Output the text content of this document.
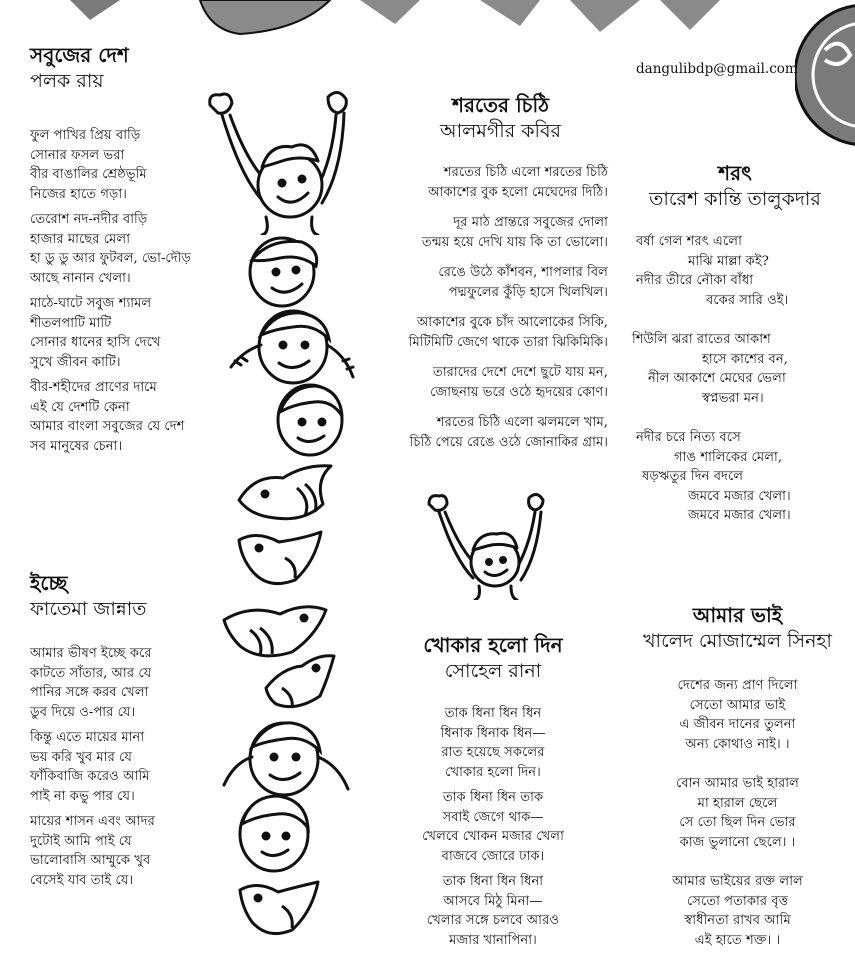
dangulibdp@gmail.com
সবুজের দেশ
পলক রায়
ফুল পাখির প্রিয় বাড়ি
সোনার ফসল ভরা
বীর বাঙালির শ্রেষ্ঠভূমি
নিজের হাতে গড়া।
তেরোশ নদ-নদীর বাড়ি
হাজার মাছের মেলা
হা ডু ডু আর ফুটবল, ভো-দৌড়
আছে নানান খেলা।
মাঠে-ঘাটে সবুজ শ্যামল
শীতলপাটি মাটি
সোনার ধানের হাসি দেখে
সুখে জীবন কাটি।
বীর-শহীদের প্রাণের দামে
এই যে দেশটি কেনা
আমার বাংলা সবুজের যে দেশ
সব মানুষের চেনা।
ইচ্ছে
ফাতেমা জান্নাত
আমার ভীষণ ইচ্ছে করে
কাটতে সাঁতার, আর যে
পানির সঙ্গে করব খেলা
ডুব দিয়ে ও-পার যে।
কিন্তু এতে মায়ের মানা
ভয় করি খুব মার যে
ফাঁকিবাজি করেও আমি
পাই না কভু পার যে।
মায়ের শাসন এবং আদর
দুটোই আমি পাই যে
ভালোবাসি আম্মুকে খুব
বেসেই যাব তাই যে।
শরতের চিঠি
আলমগীর কবির
শরতের চিঠি এলো শরতের চিঠি
আকাশের বুক হলো মেঘেদের দিঠি।
দূর মাঠ প্রান্তরে সবুজের দোলা
তন্ময় হয়ে দেখি যায় কি তা ভোলো।
রেঙে উঠে কাঁশবন, শাপলার বিল
পদ্মফুলের কুঁড়ি হাসে খিলখিল।
আকাশের বুকে চাঁদ আলোকের সিকি,
মিটিমিটি জেগে থাকে তারা ঝিকিমিকি।
তারাদের দেশে দেশে ছুটে যায় মন,
জোছনায় ভরে ওঠে হৃদয়ের কোণ।
শরতের চিঠি এলো ঝলমলে খাম,
চিঠি পেয়ে রেঙে ওঠে জোনাকির গ্রাম।
খোকার হলো দিন
সোহেল রানা
তাক ধিনা ধিন ধিন
ধিনাক ধিনাক ধিন—
রাত হয়েছে সকলের
খোকার হলো দিন।
তাক ধিনা ধিন তাক
সবাই জেগে থাক—
খেলবে খোকন মজার খেলা
বাজবে জোরে ঢাক।
তাক ধিনা ধিন ধিনা
আসবে মিঠু মিনা—
খেলার সঙ্গে চলবে আরও
মজার খানাপিনা।
শরৎ
তারেশ কান্তি তালুকদার
বর্ষা গেল শরৎ এলো
মাঝি মাল্লা কই?
নদীর তীরে নৌকা বাঁধা
বকের সারি ওই।
শিউলি ঝরা রাতের আকাশ
হাসে কাশের বন,
নীল আকাশে মেঘের ভেলা
স্বপ্নভরা মন।
নদীর চরে নিত্য বসে
গাঙ শালিকের মেলা,
ষড়ঋতুর দিন বদলে
জমবে মজার খেলা।
জমবে মজার খেলা।
আমার ভাই
খালেদ মোজাম্মেল সিনহা
দেশের জন্য প্রাণ দিলো
সেতো আমার ভাই
এ জীবন দানের তুলনা
অন্য কোথাও নাই। ।
বোন আমার ভাই হারাল
মা হারাল ছেলে
সে তো ছিল দিন ভোর
কাজ ভুলানো ছেলে। ।
আমার ভাইয়ের রক্ত লাল
সেতো পতাকার বৃত্ত
স্বাধীনতা রাখব আমি
এই হাতে শক্ত। ।
